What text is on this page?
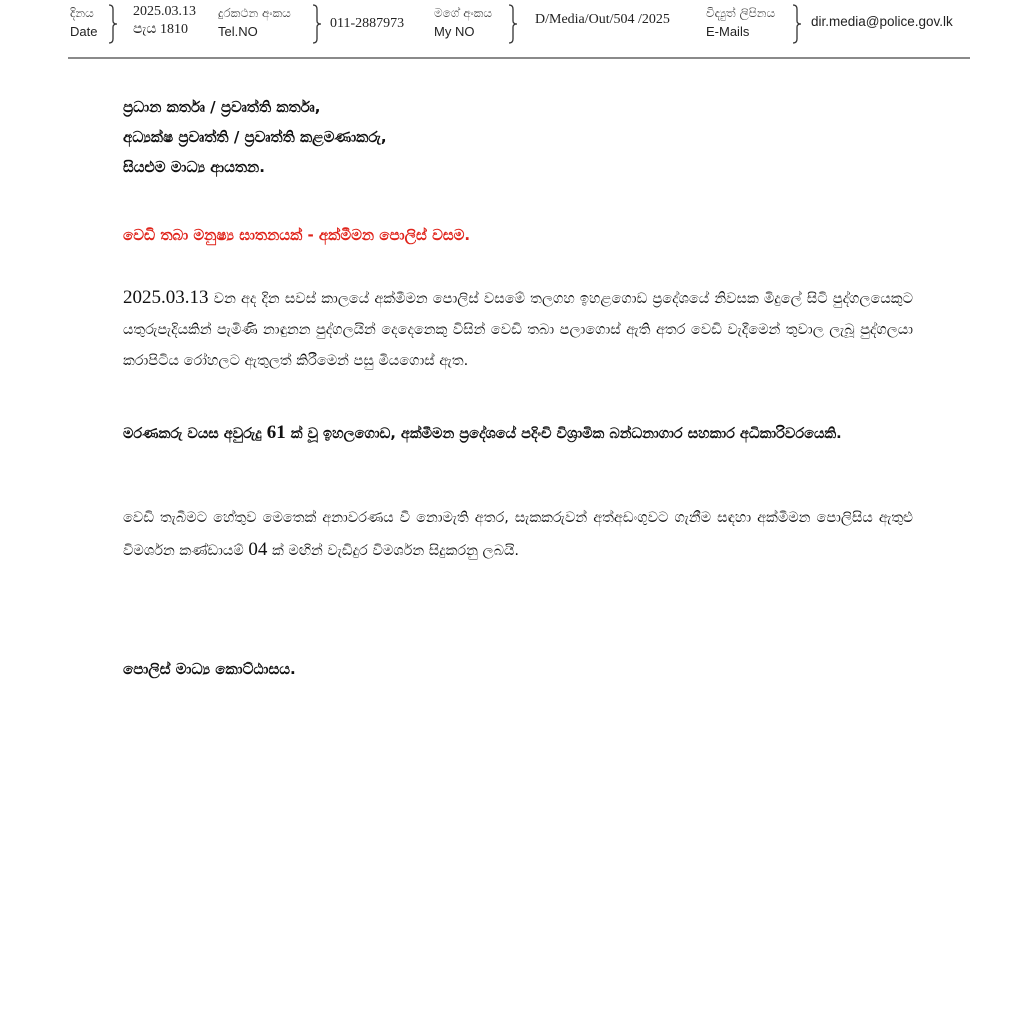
දිනය
Date
2025.03.13
පැය 1810
දුරකථන අංකය
Tel.NO
011-2887973
මගේ අංකය
My NO
D/Media/Out/504 /2025	විද්‍යුත් ලිපිනය
E-Mails
dir.media@police.gov.lk
ප්‍රධාන කර්තෘ / ප්‍රවෘත්ති කර්තෘ,
අධ්‍යක්ෂ ප්‍රවෘත්ති / ප්‍රවෘත්ති කළමණාකරු,
සියළුම මාධ්‍ය ආයතන.
වෙඩි තබා මනුෂ්‍ය ඝාතනයක් - අක්මීමන පොලිස් වසම.
2025.03.13 වන අද දින සවස් කාලයේ අක්මීමන පොලිස් වසමේ තලගහ ඉහළගොඩ ප්‍රදේශයේ නිවසක මිදුලේ සිටි පුද්ගලයෙකුට යතුරුපැදියකින් පැමිණි නාඳුනන පුද්ගලයින් දෙදෙනෙකු විසින් වෙඩි තබා පලාගොස් ඇති අතර වෙඩි වැදීමෙන් තුවාල ලැබූ පුද්ගලයා කරාපිටිය රෝහලට ඇතුලත් කිරීමෙන් පසු මියගොස් ඇත.
මරණකරු වයස අවුරුදු 61 ක් වූ ඉහලගොඩ, අක්මීමන ප්‍රදේශයේ පදිංචි විශ්‍රාමික බන්ධනාගාර සහකාර අධිකාරිවරයෙකි.
වෙඩි තැබීමට හේතුව මෙතෙක් අනාවරණය වී නොමැති අතර, සැකකරුවන් අත්අඩංගුවට ගැනීම සඳහා අක්මීමන පොලිසිය ඇතුළු විමර්ශන කණ්ඩායම් 04 ක් මඟින් වැඩිදුර විමර්ශන සිදුකරනු ලබයි.
පොලිස් මාධ්‍ය කොට්ඨාසය.
